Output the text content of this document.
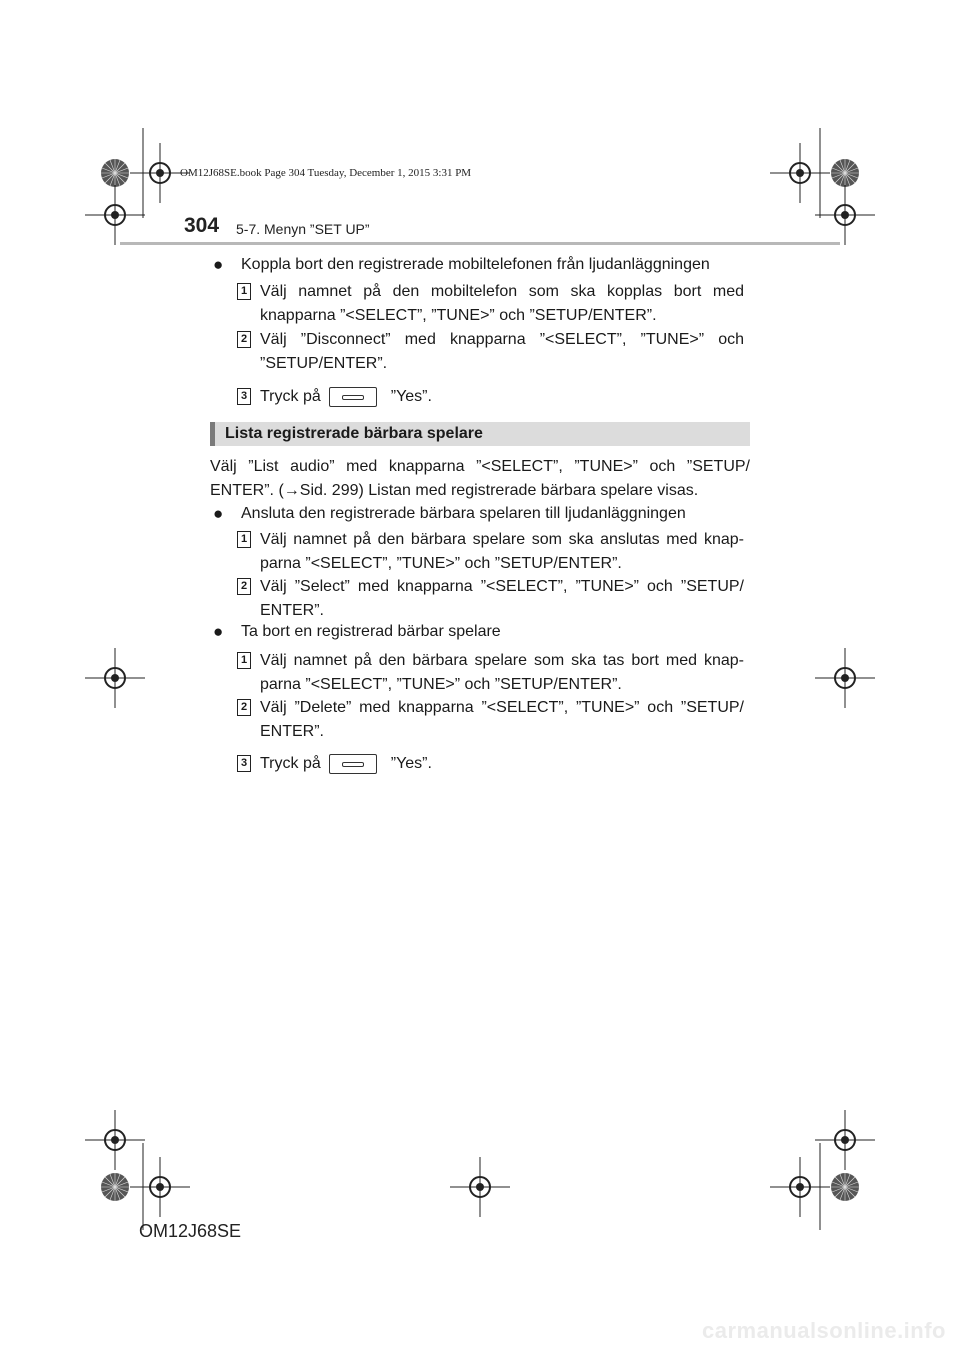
OM12J68SE.book Page 304 Tuesday, December 1, 2015 3:31 PM
304 5-7. Menyn ”SET UP”
● Koppla bort den registrerade mobiltelefonen från ljudanläggningen
1 Välj namnet på den mobiltelefon som ska kopplas bort med
knapparna ”<SELECT”, ”TUNE>” och ”SETUP/ENTER”.
2 Välj ”Disconnect” med knapparna ”<SELECT”, ”TUNE>” och
”SETUP/ENTER”.
3 Tryck på	”Yes”.
Lista registrerade bärbara spelare
Välj ”List audio” med knapparna ”<SELECT”, ”TUNE>” och ”SETUP/
ENTER”. (→Sid. 299) Listan med registrerade bärbara spelare visas.
● Ansluta den registrerade bärbara spelaren till ljudanläggningen
1 Välj namnet på den bärbara spelare som ska anslutas med knap-
parna ”<SELECT”, ”TUNE>” och ”SETUP/ENTER”.
2 Välj ”Select” med knapparna ”<SELECT”, ”TUNE>” och ”SETUP/
ENTER”.
● Ta bort en registrerad bärbar spelare
1 Välj namnet på den bärbara spelare som ska tas bort med knap-
parna ”<SELECT”, ”TUNE>” och ”SETUP/ENTER”.
2 Välj ”Delete” med knapparna ”<SELECT”, ”TUNE>” och ”SETUP/
ENTER”.
3 Tryck på	”Yes”.
OM12J68SE
carmanualsonline.info
